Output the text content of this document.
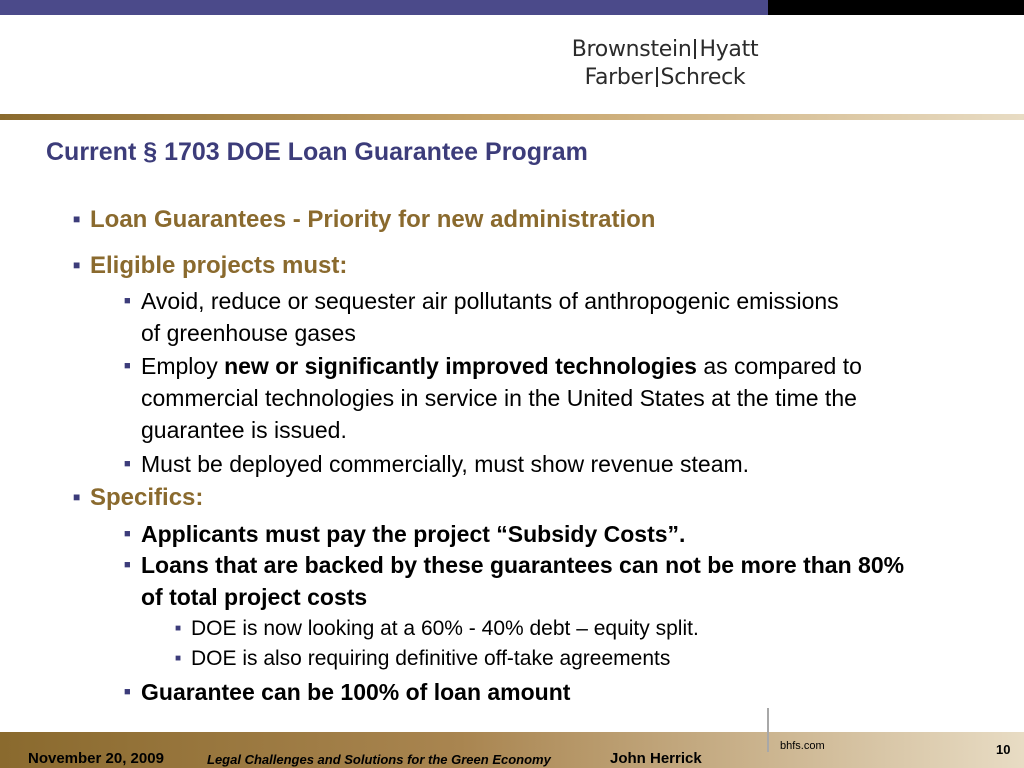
Brownstein Hyatt
Farber Schreck
Current § 1703 DOE Loan Guarantee Program
■ Loan Guarantees - Priority for new administration
■ Eligible projects must:
■ Avoid, reduce or sequester air pollutants of anthropogenic emissions of greenhouse gases
■ Employ new or significantly improved technologies as compared to commercial technologies in service in the United States at the time the guarantee is issued.
■ Must be deployed commercially, must show revenue steam.
■ Specifics:
■ Applicants must pay the project “Subsidy Costs”.
■ Loans that are backed by these guarantees can not be more than 80% of total project costs
■ DOE is now looking at a 60% - 40% debt – equity split.
■ DOE is also requiring definitive off-take agreements
■ Guarantee can be 100% of loan amount
November 20, 2009	Legal Challenges and Solutions for the Green Economy	John Herrick
bhfs.com	10
